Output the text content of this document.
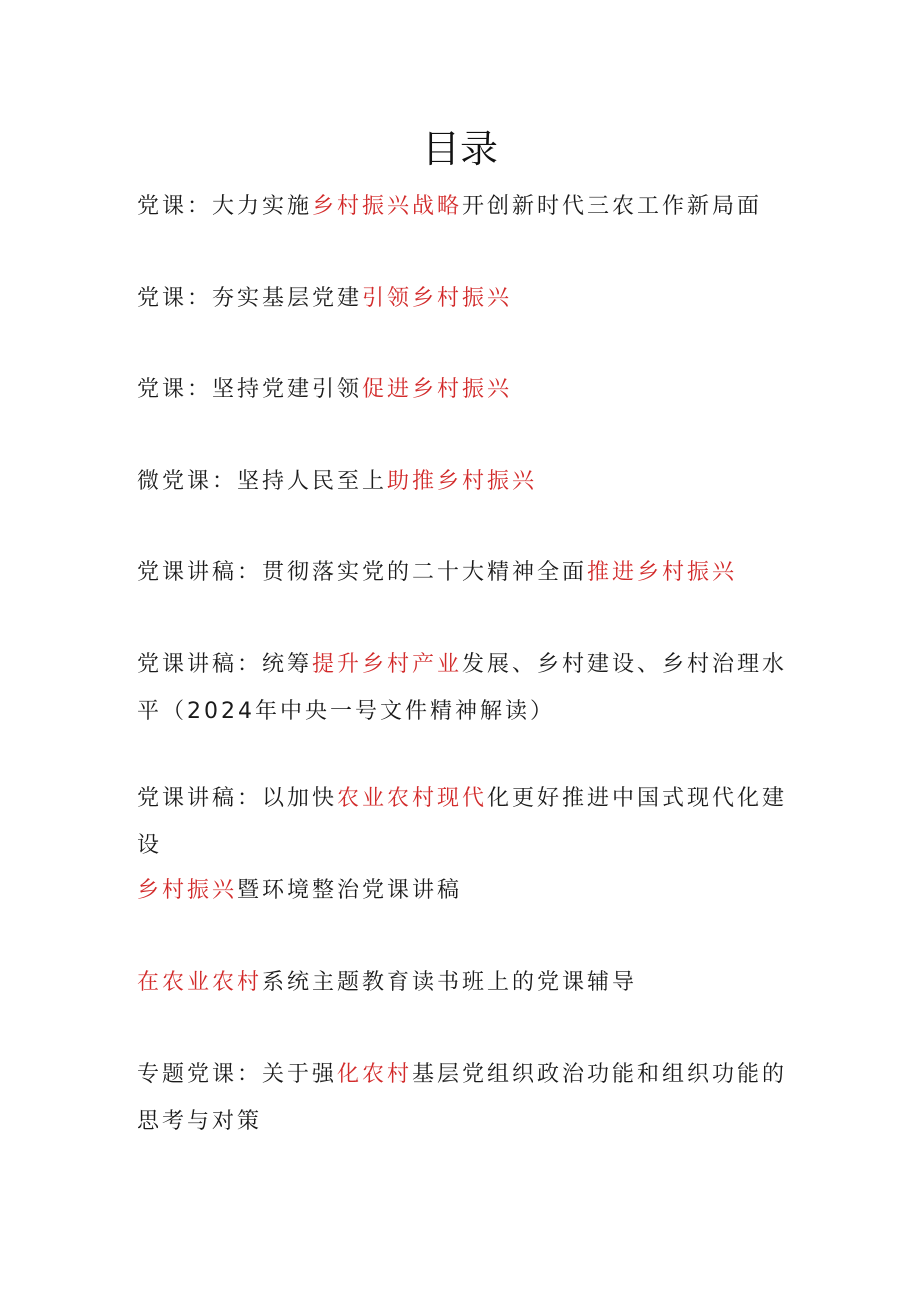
目录
党课：大力实施乡村振兴战略开创新时代三农工作新局面
党课：夯实基层党建引领乡村振兴
党课：坚持党建引领促进乡村振兴
微党课：坚持人民至上助推乡村振兴
党课讲稿：贯彻落实党的二十大精神全面推进乡村振兴
党课讲稿：统筹提升乡村产业发展、乡村建设、乡村治理水平（2024年中央一号文件精神解读）
党课讲稿：以加快农业农村现代化更好推进中国式现代化建设
乡村振兴暨环境整治党课讲稿
在农业农村系统主题教育读书班上的党课辅导
专题党课：关于强化农村基层党组织政治功能和组织功能的思考与对策
